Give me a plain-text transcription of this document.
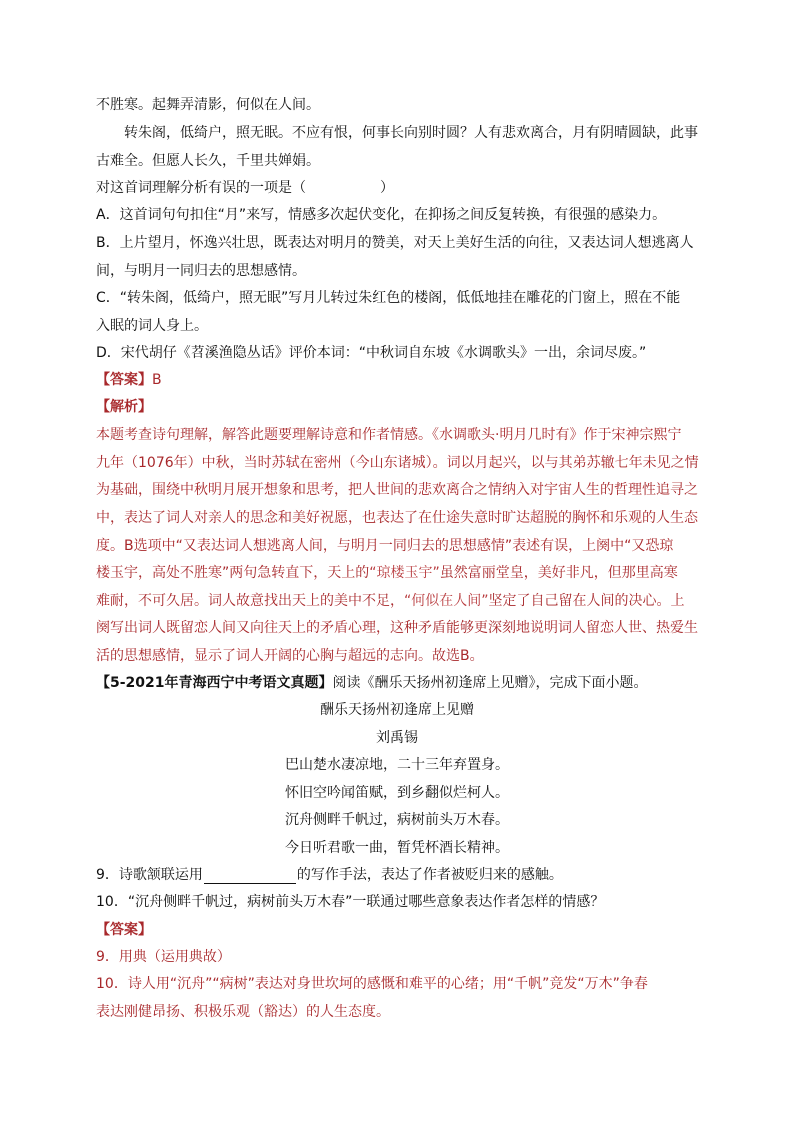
不胜寒。起舞弄清影，何似在人间。
转朱阁，低绮户，照无眠。不应有恨，何事长向别时圆？人有悲欢离合，月有阴晴圆缺，此事
古难全。但愿人长久，千里共婵娟。
对这首词理解分析有误的一项是（	）
A．这首词句句扣住“月”来写，情感多次起伏变化，在抑扬之间反复转换，有很强的感染力。
B．上片望月，怀逸兴壮思，既表达对明月的赞美，对天上美好生活的向往，又表达词人想逃离人
间，与明月一同归去的思想感情。
C．“转朱阁，低绮户，照无眠”写月儿转过朱红色的楼阁，低低地挂在雕花的门窗上，照在不能
入眠的词人身上。
D．宋代胡仔《苕溪渔隐丛话》评价本词：“中秋词自东坡《水调歌头》一出，余词尽废。”
【答案】B
【解析】
本题考查诗句理解，解答此题要理解诗意和作者情感。《水调歌头·明月几时有》作于宋神宗熙宁
九年（1076年）中秋，当时苏轼在密州（今山东诸城）。词以月起兴，以与其弟苏辙七年未见之情
为基础，围绕中秋明月展开想象和思考，把人世间的悲欢离合之情纳入对宇宙人生的哲理性追寻之
中，表达了词人对亲人的思念和美好祝愿，也表达了在仕途失意时旷达超脱的胸怀和乐观的人生态
度。B选项中“又表达词人想逃离人间，与明月一同归去的思想感情”表述有误，上阕中“又恐琼
楼玉宇，高处不胜寒”两句急转直下，天上的“琼楼玉宇”虽然富丽堂皇，美好非凡，但那里高寒
难耐，不可久居。词人故意找出天上的美中不足，“何似在人间”坚定了自己留在人间的决心。上
阕写出词人既留恋人间又向往天上的矛盾心理，这种矛盾能够更深刻地说明词人留恋人世、热爱生
活的思想感情，显示了词人开阔的心胸与超远的志向。故选B。
【5-2021年青海西宁中考语文真题】阅读《酬乐天扬州初逢席上见赠》，完成下面小题。
酬乐天扬州初逢席上见赠
刘禹锡
巴山楚水凄凉地，二十三年弃置身。
怀旧空吟闻笛赋，到乡翻似烂柯人。
沉舟侧畔千帆过，病树前头万木春。
今日听君歌一曲，暂凭杯酒长精神。
9．诗歌颔联运用	的写作手法，表达了作者被贬归来的感触。
10．“沉舟侧畔千帆过，病树前头万木春”一联通过哪些意象表达作者怎样的情感？
【答案】
9．用典（运用典故）
10．诗人用“沉舟”“病树”表达对身世坎坷的感慨和难平的心绪；用“千帆”竞发“万木”争春
表达刚健昂扬、积极乐观（豁达）的人生态度。
